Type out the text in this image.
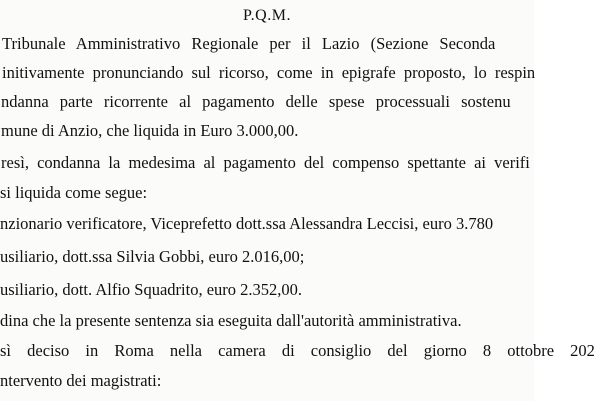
P.Q.M.
Tribunale Amministrativo Regionale per il Lazio (Sezione Seconda
initivamente pronunciando sul ricorso, come in epigrafe proposto, lo respin
ndanna parte ricorrente al pagamento delle spese processuali sostenu
mune di Anzio, che liquida in Euro 3.000,00.
resì, condanna la medesima al pagamento del compenso spettante ai verifi
si liquida come segue:
nzionario verificatore, Viceprefetto dott.ssa Alessandra Leccisi, euro 3.780
usiliario, dott.ssa Silvia Gobbi, euro 2.016,00;
usiliario, dott. Alfio Squadrito, euro 2.352,00.
dina che la presente sentenza sia eseguita dall'autorità amministrativa.
sì deciso in Roma nella camera di consiglio del giorno 8 ottobre 202
ntervento dei magistrati:
